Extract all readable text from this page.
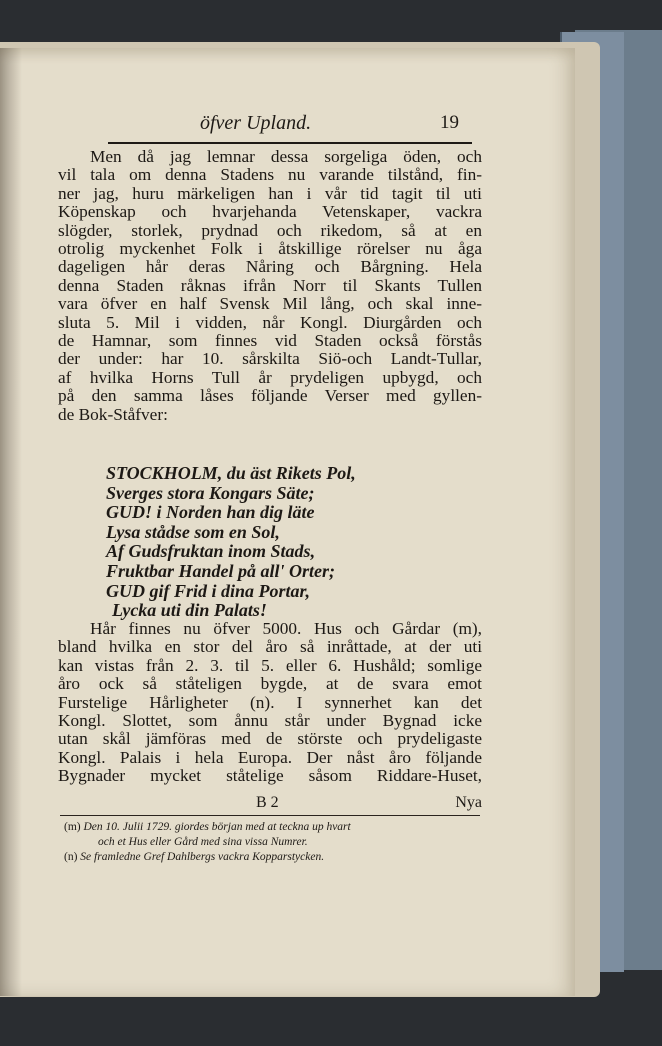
öfver Upland.	19
Men då jag lemnar dessa sorgeliga öden, och
vil tala om denna Stadens nu varande tilstånd, fin-
ner jag, huru märkeligen han i vår tid tagit til uti
Köpenskap och hvarjehanda Vetenskaper, vackra
slögder, storlek, prydnad och rikedom, så at en
otrolig myckenhet Folk i åtskillige rörelser nu åga
dageligen hår deras Nåring och Bårgning. Hela
denna Staden råknas ifrån Norr til Skants Tullen
vara öfver en half Svensk Mil lång, och skal inne-
sluta 5. Mil i vidden, når Kongl. Diurgården och
de Hamnar, som finnes vid Staden också förstås
der under: har 10. sårskilta Siö-och Landt-Tullar,
af hvilka Horns Tull år prydeligen upbygd, och
på den samma låses följande Verser med gyllen-
de Bok-Ståfver:
STOCKHOLM, du äst Rikets Pol,
Sverges stora Kongars Säte;
GUD! i Norden han dig läte
Lysa stådse som en Sol,
Af Gudsfruktan inom Stads,
Fruktbar Handel på all' Orter;
GUD gif Frid i dina Portar,
Lycka uti din Palats!
Hår finnes nu öfver 5000. Hus och Gårdar (m),
bland hvilka en stor del åro så inråttade, at der uti
kan vistas från 2. 3. til 5. eller 6. Hushåld; somlige
åro ock så ståteligen bygde, at de svara emot
Furstelige Hårligheter (n). I synnerhet kan det
Kongl. Slottet, som ånnu står under Bygnad icke
utan skål jämföras med de störste och prydeligaste
Kongl. Palais i hela Europa. Der nåst åro följande
Bygnader mycket ståtelige såsom Riddare-Huset,
B 2	Nya
(m) Den 10. Julii 1729. giordes början med at teckna up hvart
och et Hus eller Gård med sina vissa Numrer.
(n) Se framledne Gref Dahlbergs vackra Kopparstycken.
